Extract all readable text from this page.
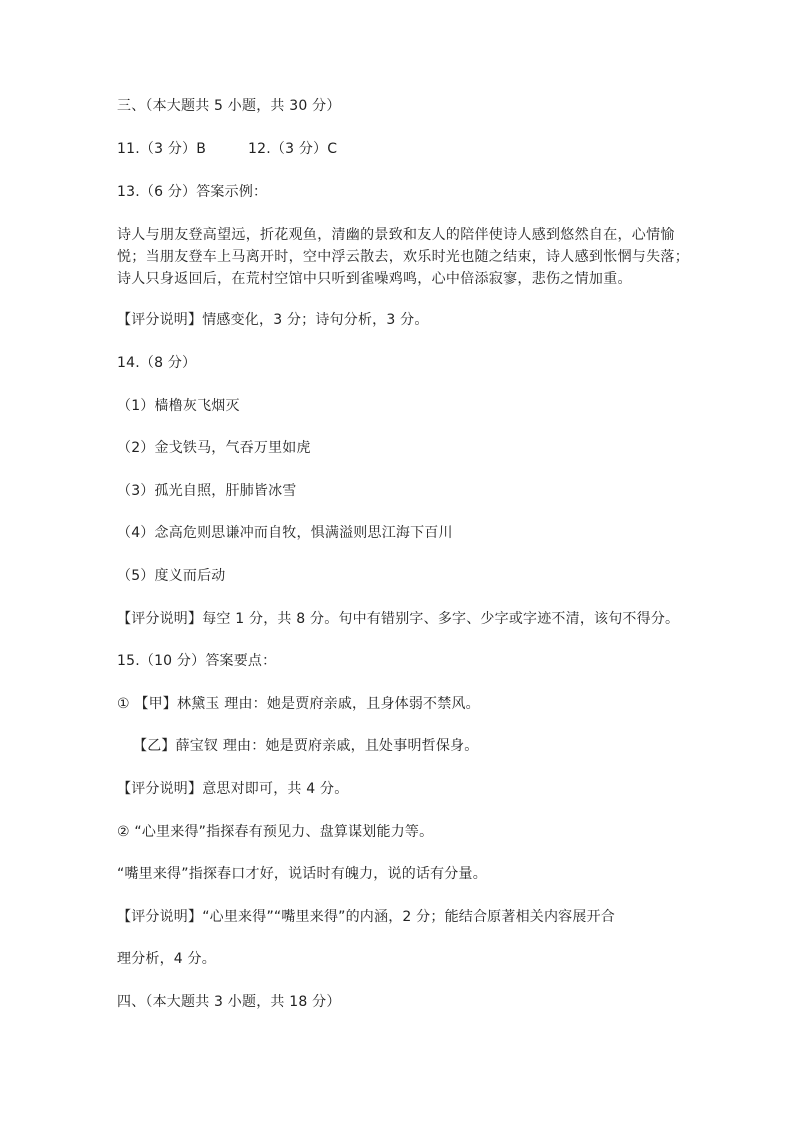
三、（本大题共 5 小题，共 30 分）
11.（3 分）B	12.（3 分）C
13.（6 分）答案示例：
诗人与朋友登高望远，折花观鱼，清幽的景致和友人的陪伴使诗人感到悠然自在，心情愉悦；当朋友登车上马离开时，空中浮云散去，欢乐时光也随之结束，诗人感到怅惘与失落；诗人只身返回后，在荒村空馆中只听到雀噪鸡鸣，心中倍添寂寥，悲伤之情加重。
【评分说明】情感变化，3 分；诗句分析，3 分。
14.（8 分）
（1）樯橹灰飞烟灭
（2）金戈铁马，气吞万里如虎
（3）孤光自照，肝肺皆冰雪
（4）念高危则思谦冲而自牧，惧满溢则思江海下百川
（5）度义而后动
【评分说明】每空 1 分，共 8 分。句中有错别字、多字、少字或字迹不清，该句不得分。
15.（10 分）答案要点：
① 【甲】林黛玉 理由：她是贾府亲戚，且身体弱不禁风。
【乙】薛宝钗 理由：她是贾府亲戚，且处事明哲保身。
【评分说明】意思对即可，共 4 分。
② “心里来得”指探春有预见力、盘算谋划能力等。
“嘴里来得”指探春口才好，说话时有魄力，说的话有分量。
【评分说明】“心里来得”“嘴里来得”的内涵，2 分；能结合原著相关内容展开合
理分析，4 分。
四、（本大题共 3 小题，共 18 分）
